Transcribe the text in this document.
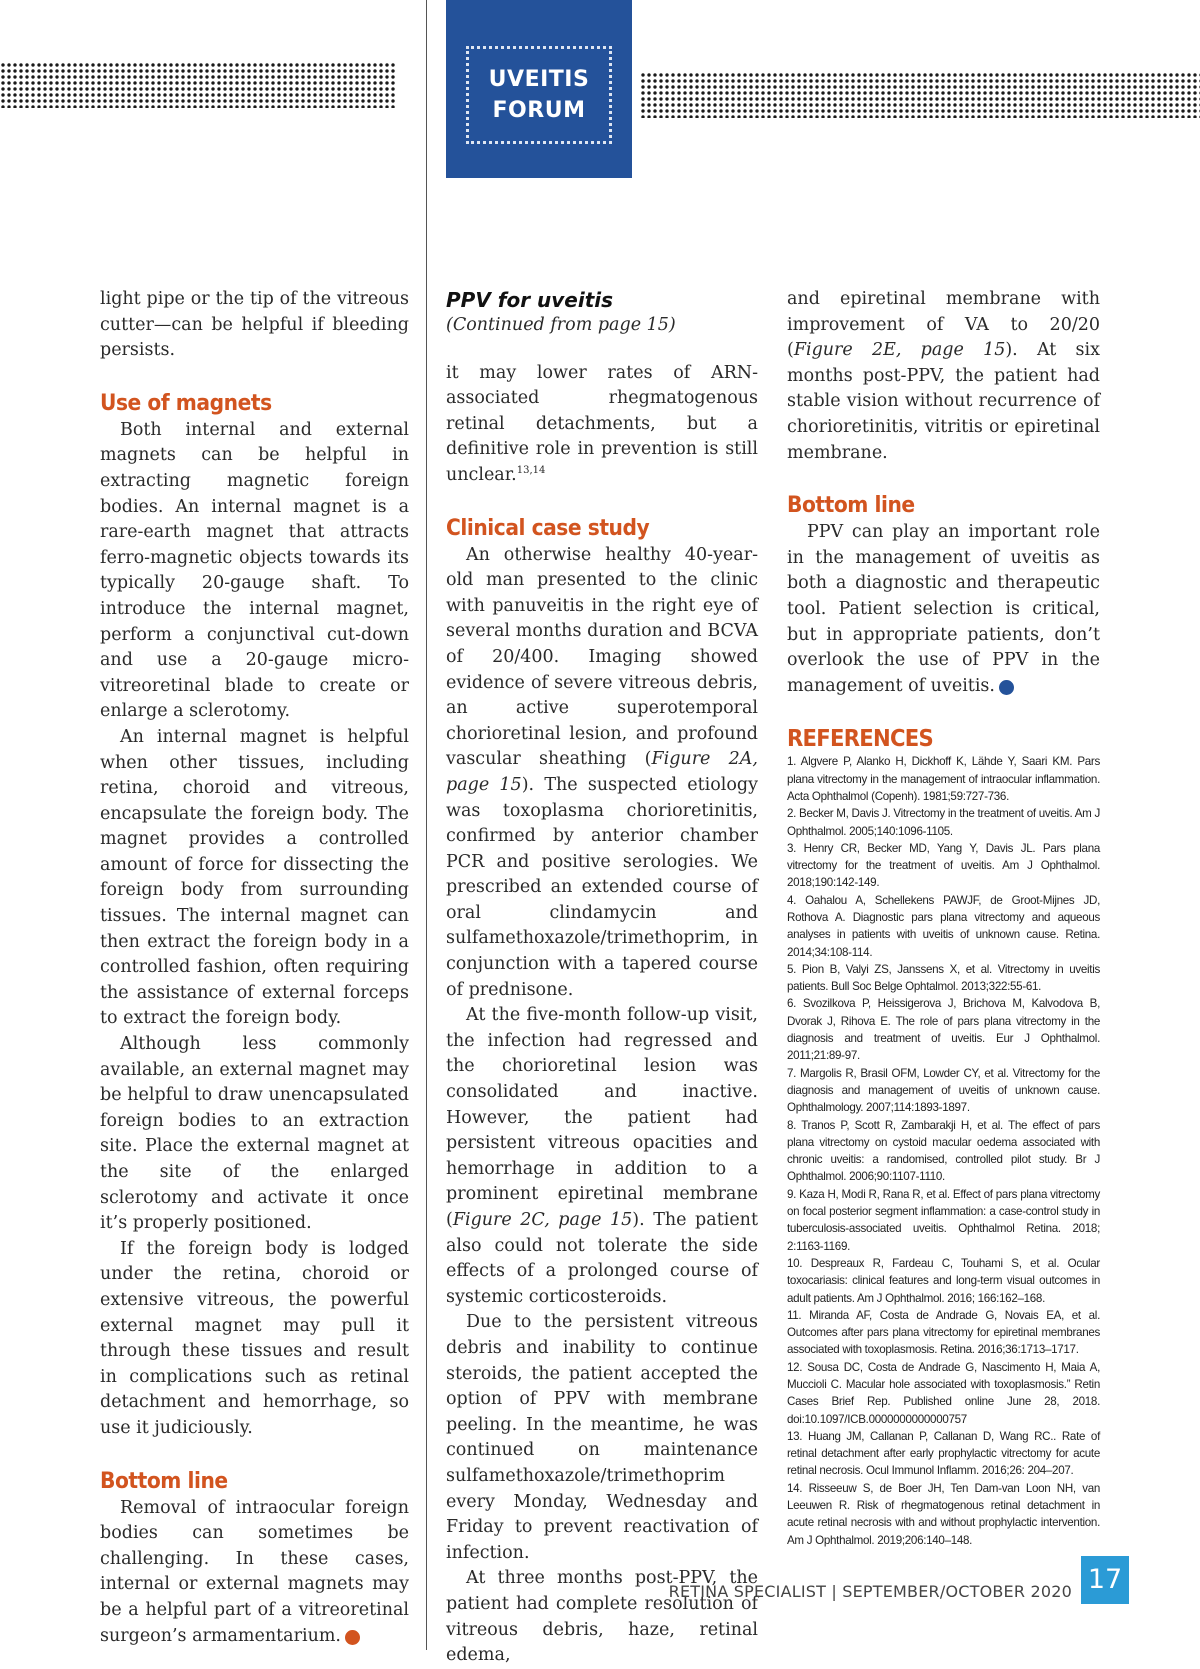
UVEITIS
FORUM

light pipe or the tip of the vitreous cutter—can be helpful if bleeding persists.

Use of magnets

Both internal and external magnets can be helpful in extracting magnetic foreign bodies. An internal magnet is a rare-earth magnet that attracts ferro-magnetic objects towards its typically 20-gauge shaft. To introduce the internal magnet, perform a conjunctival cut-down and use a 20-gauge micro-vitreoretinal blade to create or enlarge a sclerotomy.

An internal magnet is helpful when other tissues, including retina, choroid and vitreous, encapsulate the foreign body. The magnet provides a controlled amount of force for dissecting the foreign body from surrounding tissues. The internal magnet can then extract the foreign body in a controlled fashion, often requiring the assistance of external forceps to extract the foreign body.

Although less commonly available, an external magnet may be helpful to draw unencapsulated foreign bodies to an extraction site. Place the external magnet at the site of the enlarged sclerotomy and activate it once it’s properly positioned.

If the foreign body is lodged under the retina, choroid or extensive vitreous, the powerful external magnet may pull it through these tissues and result in complications such as retinal detachment and hemorrhage, so use it judiciously.

Bottom line

Removal of intraocular foreign bodies can sometimes be challenging. In these cases, internal or external magnets may be a helpful part of a vitreoretinal surgeon’s armamentarium.	RS

PPV for uveitis
(Continued from page 15)

it may lower rates of ARN-associated rhegmatogenous retinal detachments, but a definitive role in prevention is still unclear.$^{13,14}$

Clinical case study

An otherwise healthy 40-year-old man presented to the clinic with panuveitis in the right eye of several months duration and BCVA of 20/400. Imaging showed evidence of severe vitreous debris, an active superotemporal chorioretinal lesion, and profound vascular sheathing (Figure 2A, page 15). The suspected etiology was toxoplasma chorioretinitis, confirmed by anterior chamber PCR and positive serologies. We prescribed an extended course of oral clindamycin and sulfamethoxazole/trimethoprim, in conjunction with a tapered course of prednisone.

At the five-month follow-up visit, the infection had regressed and the chorioretinal lesion was consolidated and inactive. However, the patient had persistent vitreous opacities and hemorrhage in addition to a prominent epiretinal membrane (Figure 2C, page 15). The patient also could not tolerate the side effects of a prolonged course of systemic corticosteroids.

Due to the persistent vitreous debris and inability to continue steroids, the patient accepted the option of PPV with membrane peeling. In the meantime, he was continued on maintenance sulfamethoxazole/trimethoprim every Monday, Wednesday and Friday to prevent reactivation of infection.

At three months post-PPV, the patient had complete resolution of vitreous debris, haze, retinal edema,

and epiretinal membrane with improvement of VA to 20/20 (Figure 2E, page 15). At six months post-PPV, the patient had stable vision without recurrence of chorioretinitis, vitritis or epiretinal membrane.

Bottom line

PPV can play an important role in the management of uveitis as both a diagnostic and therapeutic tool. Patient selection is critical, but in appropriate patients, don’t overlook the use of PPV in the management of uveitis.	RS

REFERENCES

1. Algvere P, Alanko H, Dickhoff K, Lähde Y, Saari KM. Pars plana vitrectomy in the management of intraocular inflammation. Acta Ophthalmol (Copenh). 1981;59:727-736.

2. Becker M, Davis J. Vitrectomy in the treatment of uveitis. Am J Ophthalmol. 2005;140:1096-1105.

3. Henry CR, Becker MD, Yang Y, Davis JL. Pars plana vitrectomy for the treatment of uveitis. Am J Ophthalmol. 2018;190:142-149.

4. Oahalou A, Schellekens PAWJF, de Groot-Mijnes JD, Rothova A. Diagnostic pars plana vitrectomy and aqueous analyses in patients with uveitis of unknown cause. Retina. 2014;34:108-114.

5. Pion B, Valyi ZS, Janssens X, et al. Vitrectomy in uveitis patients. Bull Soc Belge Ophtalmol. 2013;322:55-61.

6. Svozilkova P, Heissigerova J, Brichova M, Kalvodova B, Dvorak J, Rihova E. The role of pars plana vitrectomy in the diagnosis and treatment of uveitis. Eur J Ophthalmol. 2011;21:89-97.

7. Margolis R, Brasil OFM, Lowder CY, et al. Vitrectomy for the diagnosis and management of uveitis of unknown cause. Ophthalmology. 2007;114:1893-1897.

8. Tranos P, Scott R, Zambarakji H, et al. The effect of pars plana vitrectomy on cystoid macular oedema associated with chronic uveitis: a randomised, controlled pilot study. Br J Ophthalmol. 2006;90:1107-1110.

9. Kaza H, Modi R, Rana R, et al. Effect of pars plana vitrectomy on focal posterior segment inflammation: a case-control study in tuberculosis-associated uveitis. Ophthalmol Retina. 2018; 2:1163-1169.

10. Despreaux R, Fardeau C, Touhami S, et al. Ocular toxocariasis: clinical features and long-term visual outcomes in adult patients. Am J Ophthalmol. 2016; 166:162–168.

11. Miranda AF, Costa de Andrade G, Novais EA, et al. Outcomes after pars plana vitrectomy for epiretinal membranes associated with toxoplasmosis. Retina. 2016;36:1713–1717.

12. Sousa DC, Costa de Andrade G, Nascimento H, Maia A, Muccioli C. Macular hole associated with toxoplasmosis.” Retin Cases Brief Rep. Published online June 28, 2018. doi:10.1097/ICB.0000000000000757

13. Huang JM, Callanan P, Callanan D, Wang RC.. Rate of retinal detachment after early prophylactic vitrectomy for acute retinal necrosis. Ocul Immunol Inflamm. 2016;26: 204–207.

14. Risseeuw S, de Boer JH, Ten Dam-van Loon NH, van Leeuwen R. Risk of rhegmatogenous retinal detachment in acute retinal necrosis with and without prophylactic intervention. Am J Ophthalmol. 2019;206:140–148.

RETINA SPECIALIST | SEPTEMBER/OCTOBER 2020 17
